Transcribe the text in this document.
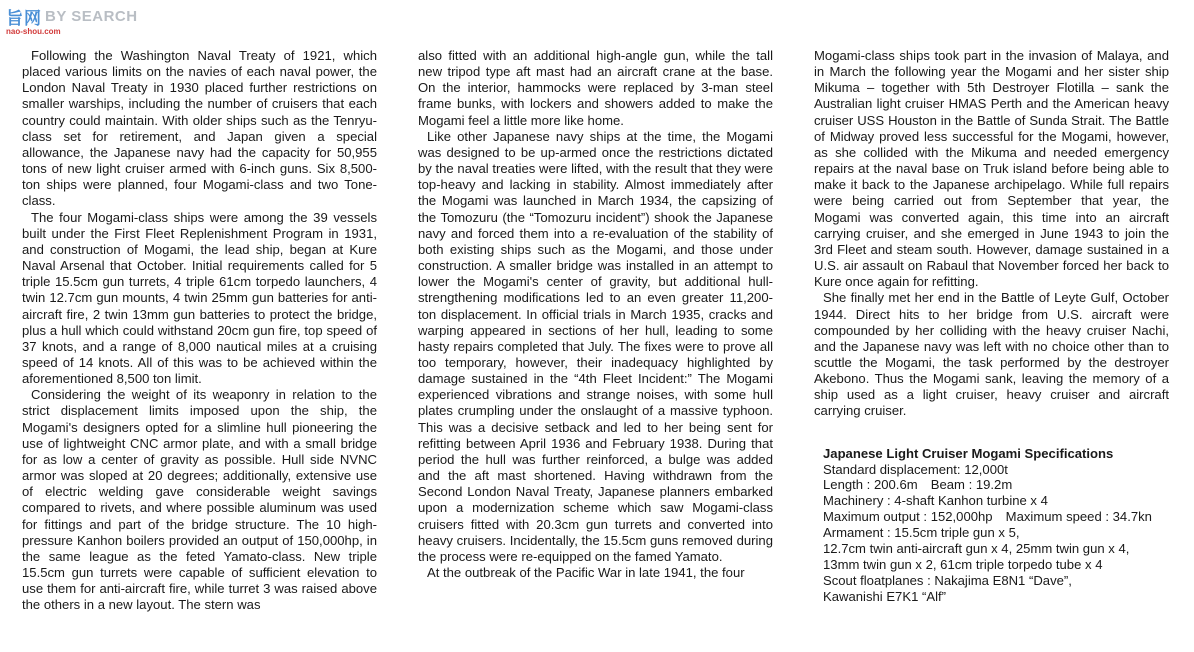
旨网 BY SEARCH
nao-shou.com

Following the Washington Naval Treaty of 1921, which placed various limits on the navies of each naval power, the London Naval Treaty in 1930 placed further restrictions on smaller warships, including the number of cruisers that each country could maintain. With older ships such as the Tenryu-class set for retirement, and Japan given a special allowance, the Japanese navy had the capacity for 50,955 tons of new light cruiser armed with 6-inch guns. Six 8,500-ton ships were planned, four Mogami-class and two Tone-class.

The four Mogami-class ships were among the 39 vessels built under the First Fleet Replenishment Program in 1931, and construction of Mogami, the lead ship, began at Kure Naval Arsenal that October. Initial requirements called for 5 triple 15.5cm gun turrets, 4 triple 61cm torpedo launchers, 4 twin 12.7cm gun mounts, 4 twin 25mm gun batteries for anti-aircraft fire, 2 twin 13mm gun batteries to protect the bridge, plus a hull which could withstand 20cm gun fire, top speed of 37 knots, and a range of 8,000 nautical miles at a cruising speed of 14 knots. All of this was to be achieved within the aforementioned 8,500 ton limit.

Considering the weight of its weaponry in relation to the strict displacement limits imposed upon the ship, the Mogami's designers opted for a slimline hull pioneering the use of lightweight CNC armor plate, and with a small bridge for as low a center of gravity as possible. Hull side NVNC armor was sloped at 20 degrees; additionally, extensive use of electric welding gave considerable weight savings compared to rivets, and where possible aluminum was used for fittings and part of the bridge structure. The 10 high-pressure Kanhon boilers provided an output of 150,000hp, in the same league as the feted Yamato-class. New triple 15.5cm gun turrets were capable of sufficient elevation to use them for anti-aircraft fire, while turret 3 was raised above the others in a new layout. The stern was

also fitted with an additional high-angle gun, while the tall new tripod type aft mast had an aircraft crane at the base. On the interior, hammocks were replaced by 3-man steel frame bunks, with lockers and showers added to make the Mogami feel a little more like home.

Like other Japanese navy ships at the time, the Mogami was designed to be up-armed once the restrictions dictated by the naval treaties were lifted, with the result that they were top-heavy and lacking in stability. Almost immediately after the Mogami was launched in March 1934, the capsizing of the Tomozuru (the “Tomozuru incident”) shook the Japanese navy and forced them into a re-evaluation of the stability of both existing ships such as the Mogami, and those under construction. A smaller bridge was installed in an attempt to lower the Mogami's center of gravity, but additional hull-strengthening modifications led to an even greater 11,200-ton displacement. In official trials in March 1935, cracks and warping appeared in sections of her hull, leading to some hasty repairs completed that July. The fixes were to prove all too temporary, however, their inadequacy highlighted by damage sustained in the “4th Fleet Incident:” The Mogami experienced vibrations and strange noises, with some hull plates crumpling under the onslaught of a massive typhoon. This was a decisive setback and led to her being sent for refitting between April 1936 and February 1938. During that period the hull was further reinforced, a bulge was added and the aft mast shortened. Having withdrawn from the Second London Naval Treaty, Japanese planners embarked upon a modernization scheme which saw Mogami-class cruisers fitted with 20.3cm gun turrets and converted into heavy cruisers. Incidentally, the 15.5cm guns removed during the process were re-equipped on the famed Yamato.

At the outbreak of the Pacific War in late 1941, the four

Mogami-class ships took part in the invasion of Malaya, and in March the following year the Mogami and her sister ship Mikuma – together with 5th Destroyer Flotilla – sank the Australian light cruiser HMAS Perth and the American heavy cruiser USS Houston in the Battle of Sunda Strait. The Battle of Midway proved less successful for the Mogami, however, as she collided with the Mikuma and needed emergency repairs at the naval base on Truk island before being able to make it back to the Japanese archipelago. While full repairs were being carried out from September that year, the Mogami was converted again, this time into an aircraft carrying cruiser, and she emerged in June 1943 to join the 3rd Fleet and steam south. However, damage sustained in a U.S. air assault on Rabaul that November forced her back to Kure once again for refitting.

She finally met her end in the Battle of Leyte Gulf, October 1944. Direct hits to her bridge from U.S. aircraft were compounded by her colliding with the heavy cruiser Nachi, and the Japanese navy was left with no choice other than to scuttle the Mogami, the task performed by the destroyer Akebono. Thus the Mogami sank, leaving the memory of a ship used as a light cruiser, heavy cruiser and aircraft carrying cruiser.

Japanese Light Cruiser Mogami Specifications

Standard displacement: 12,000t

Length : 200.6m Beam : 19.2m

Machinery : 4-shaft Kanhon turbine x 4

Maximum output : 152,000hp Maximum speed : 34.7kn

Armament : 15.5cm triple gun x 5,

12.7cm twin anti-aircraft gun x 4, 25mm twin gun x 4,

13mm twin gun x 2, 61cm triple torpedo tube x 4

Scout floatplanes : Nakajima E8N1 “Dave”,

Kawanishi E7K1 “Alf”
